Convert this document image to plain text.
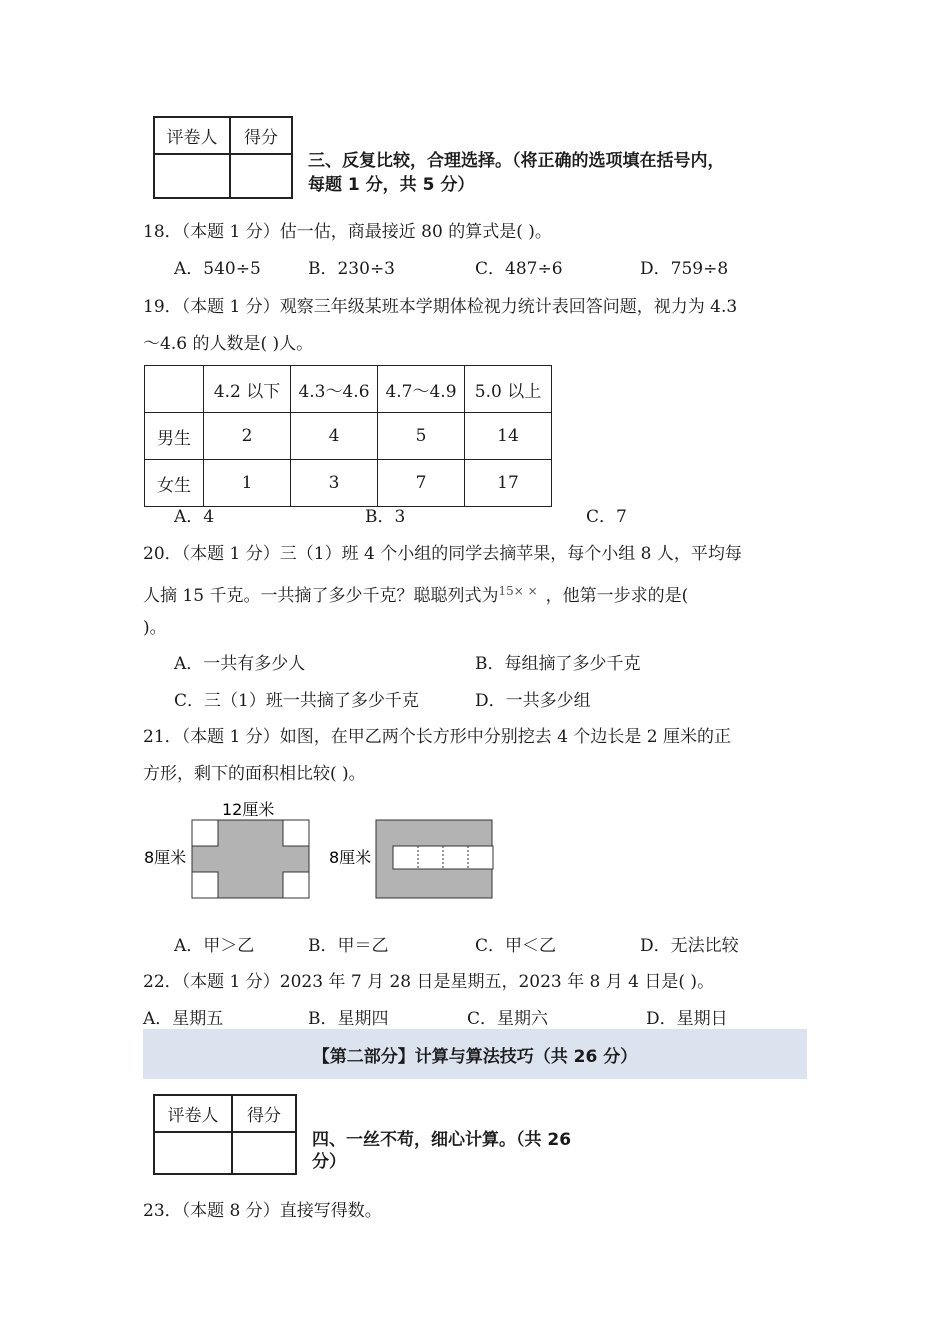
评卷人	得分

三、反复比较，合理选择。（将正确的选项填在括号内，
每题 1 分，共 5 分）
18．（本题 1 分）估一估，商最接近 80 的算式是( )。
A．540÷5	B．230÷3	C．487÷6	D．759÷8
19．（本题 1 分）观察三年级某班本学期体检视力统计表回答问题，视力为 4.3
～4.6 的人数是( )人。
	4.2 以下	4.3～4.6	4.7～4.9	5.0 以上
男生	2	4	5	14
女生	1	3	7	17
A．4	B．3	C．7
20．（本题 1 分）三（1）班 4 个小组的同学去摘苹果，每个小组 8 人，平均每
人摘 15 千克。一共摘了多少千克？聪聪列式为$^{15\times \times}$ ，他第一步求的是(
)。
A．一共有多少人	B．每组摘了多少千克
C．三（1）班一共摘了多少千克	D．一共多少组
21．（本题 1 分）如图，在甲乙两个长方形中分别挖去 4 个边长是 2 厘米的正
方形，剩下的面积相比较( )。
12厘米
8厘米	8厘米
A．甲＞乙	B．甲＝乙	C．甲＜乙	D．无法比较
22．（本题 1 分）2023 年 7 月 28 日是星期五，2023 年 8 月 4 日是( )。
A．星期五	B．星期四	C．星期六	D．星期日
【第二部分】计算与算法技巧（共 26 分）
评卷人	得分

四、一丝不苟，细心计算。（共 26
分）
23．（本题 8 分）直接写得数。
